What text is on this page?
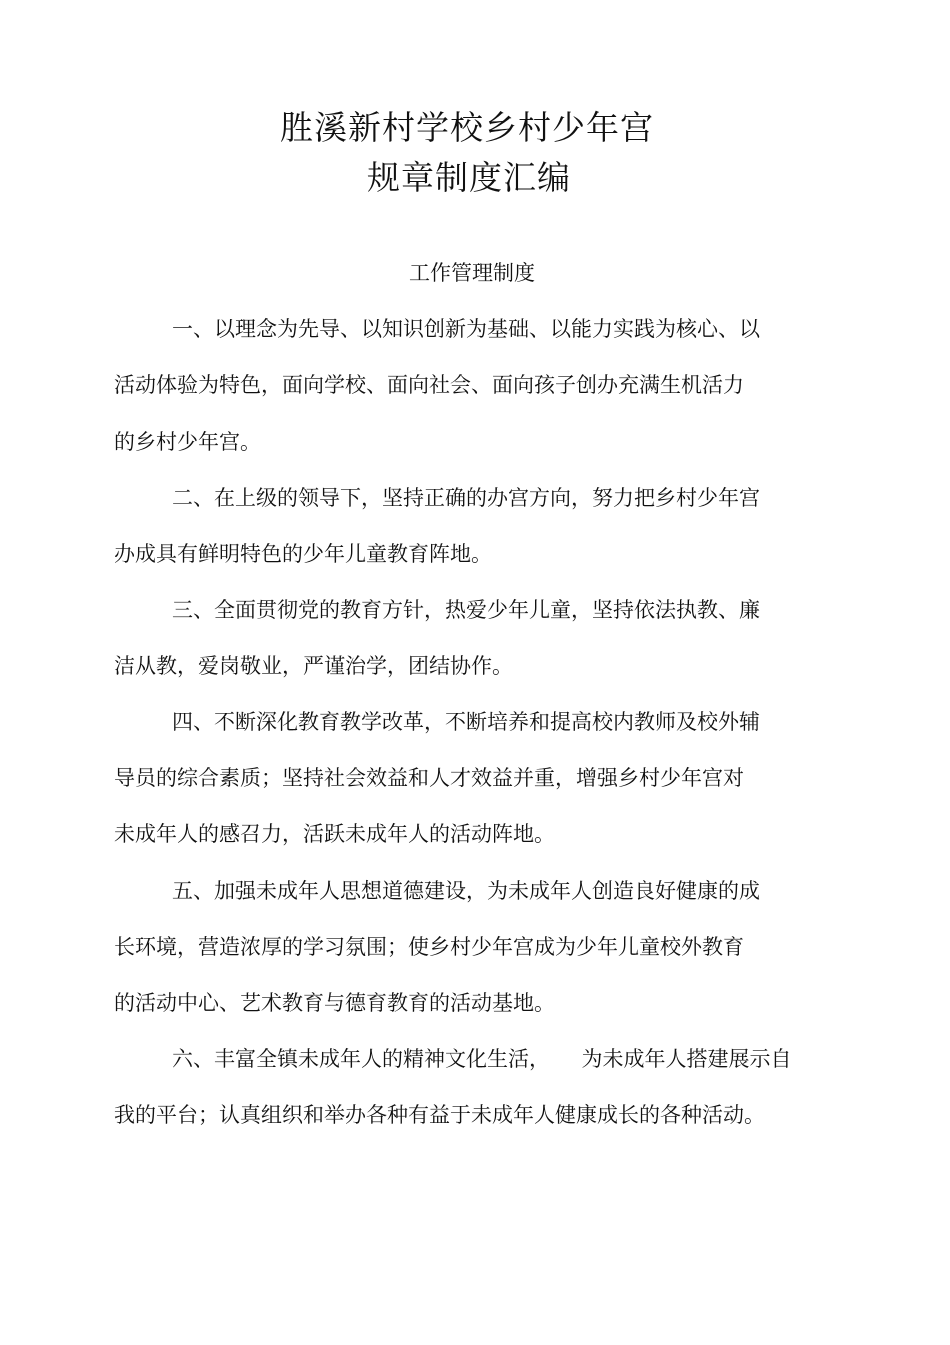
胜溪新村学校乡村少年宫
规章制度汇编
工作管理制度
一、以理念为先导、以知识创新为基础、以能力实践为核心、以
活动体验为特色，面向学校、面向社会、面向孩子创办充满生机活力
的乡村少年宫。
二、在上级的领导下，坚持正确的办宫方向，努力把乡村少年宫
办成具有鲜明特色的少年儿童教育阵地。
三、全面贯彻党的教育方针，热爱少年儿童，坚持依法执教、廉
洁从教，爱岗敬业，严谨治学，团结协作。
四、不断深化教育教学改革，不断培养和提高校内教师及校外辅
导员的综合素质；坚持社会效益和人才效益并重，增强乡村少年宫对
未成年人的感召力，活跃未成年人的活动阵地。
五、加强未成年人思想道德建设，为未成年人创造良好健康的成
长环境，营造浓厚的学习氛围；使乡村少年宫成为少年儿童校外教育
的活动中心、艺术教育与德育教育的活动基地。
六、丰富全镇未成年人的精神文化生活，　　为未成年人搭建展示自
我的平台；认真组织和举办各种有益于未成年人健康成长的各种活动。
